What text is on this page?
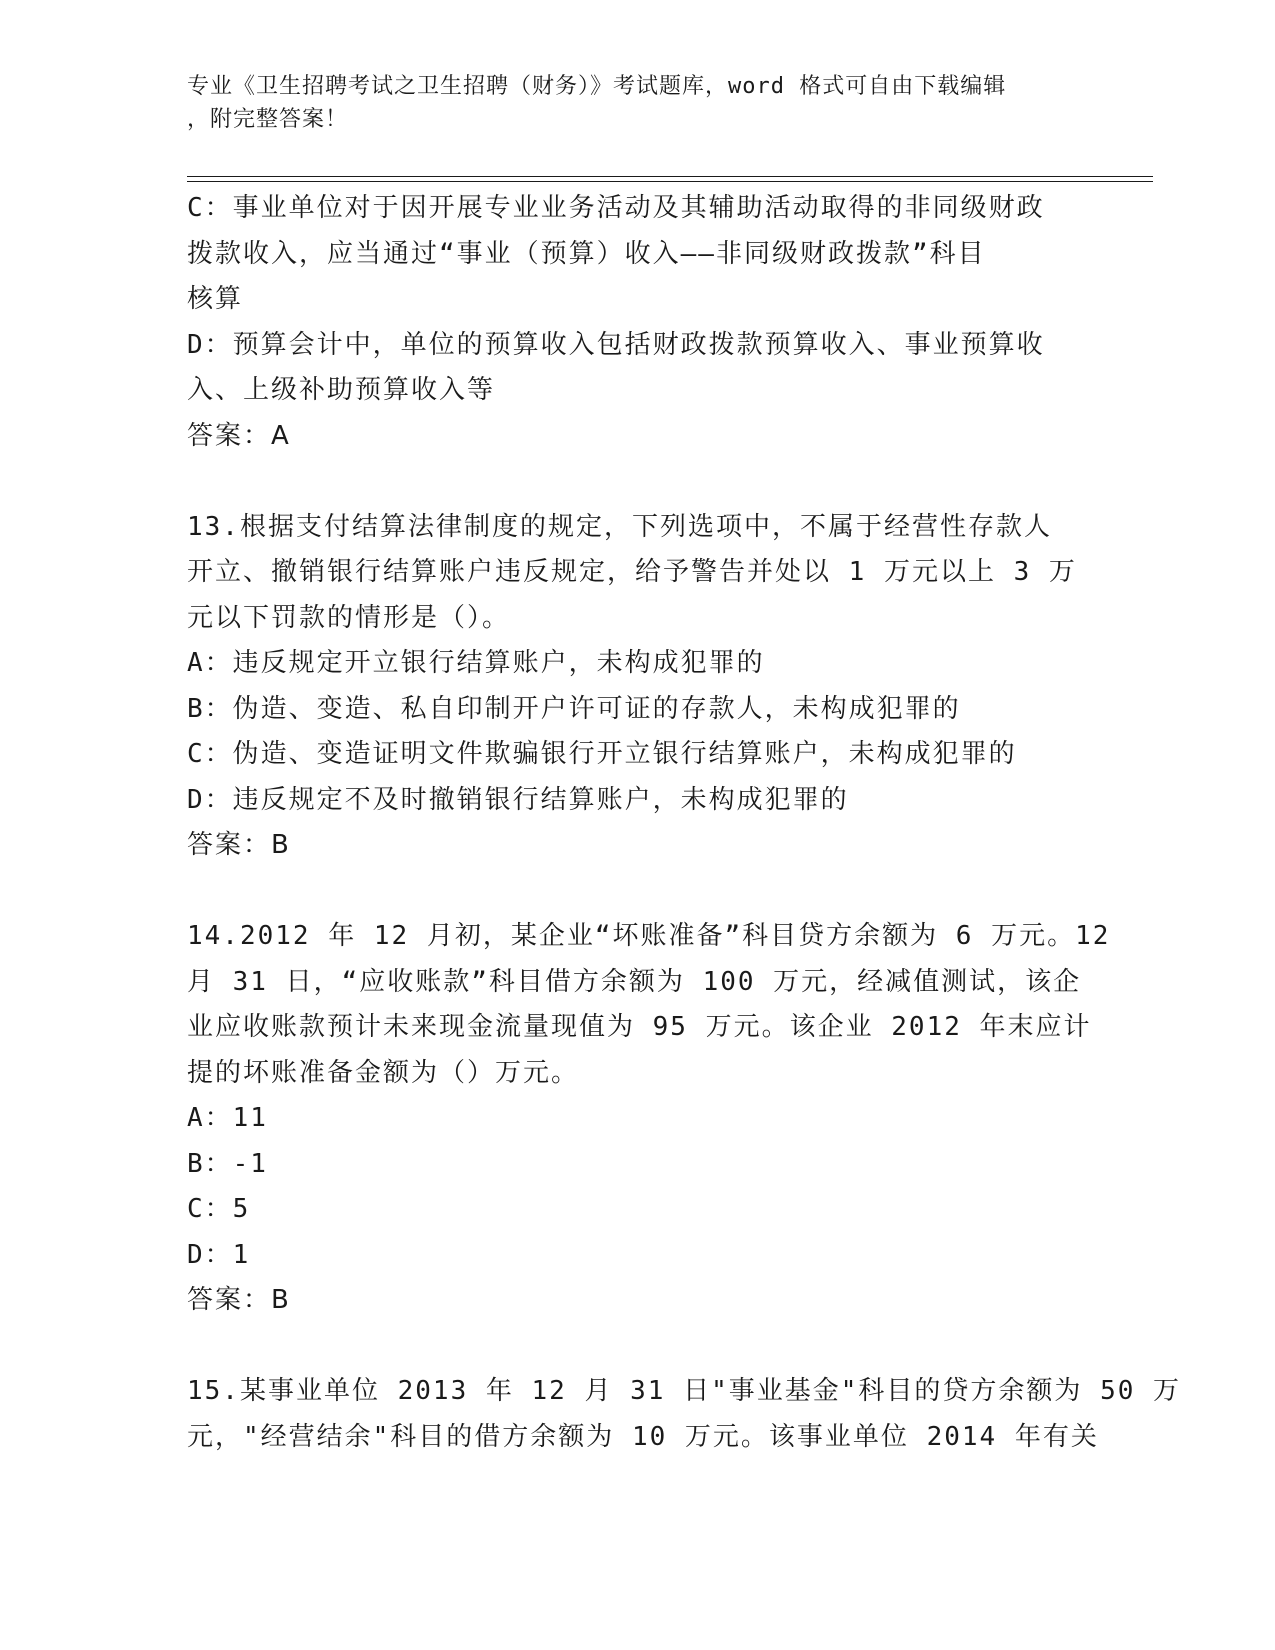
专业《卫生招聘考试之卫生招聘（财务）》考试题库，word 格式可自由下载编辑
，附完整答案！
C：事业单位对于因开展专业业务活动及其辅助活动取得的非同级财政
拨款收入，应当通过“事业（预算）收入——非同级财政拨款”科目
核算
D：预算会计中，单位的预算收入包括财政拨款预算收入、事业预算收
入、上级补助预算收入等
答案：A
13.根据支付结算法律制度的规定，下列选项中，不属于经营性存款人
开立、撤销银行结算账户违反规定，给予警告并处以 1 万元以上 3 万
元以下罚款的情形是（）。
A：违反规定开立银行结算账户，未构成犯罪的
B：伪造、变造、私自印制开户许可证的存款人，未构成犯罪的
C：伪造、变造证明文件欺骗银行开立银行结算账户，未构成犯罪的
D：违反规定不及时撤销银行结算账户，未构成犯罪的
答案：B
14.2012 年 12 月初，某企业“坏账准备”科目贷方余额为 6 万元。12
月 31 日，“应收账款”科目借方余额为 100 万元，经减值测试，该企
业应收账款预计未来现金流量现值为 95 万元。该企业 2012 年末应计
提的坏账准备金额为（）万元。
A：11
B：-1
C：5
D：1
答案：B
15.某事业单位 2013 年 12 月 31 日"事业基金"科目的贷方余额为 50 万
元，"经营结余"科目的借方余额为 10 万元。该事业单位 2014 年有关
